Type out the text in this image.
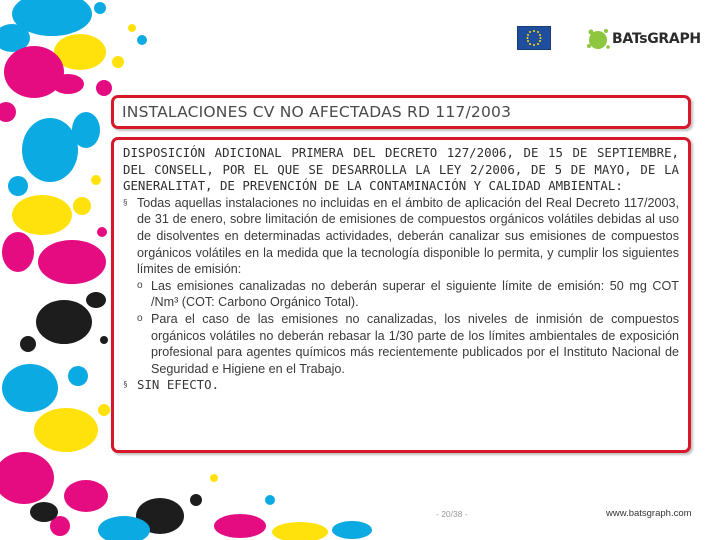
BATsGRAPH
INSTALACIONES CV NO AFECTADAS RD 117/2003

DISPOSICIÓN ADICIONAL PRIMERA DEL DECRETO 127/2006, DE 15 DE SEPTIEMBRE, DEL CONSELL, POR EL QUE SE DESARROLLA LA LEY 2/2006, DE 5 DE MAYO, DE LA GENERALITAT, DE PREVENCIÓN DE LA CONTAMINACIÓN Y CALIDAD AMBIENTAL:

§ Todas aquellas instalaciones no incluidas en el ámbito de aplicación del Real Decreto 117/2003, de 31 de enero, sobre limitación de emisiones de compuestos orgánicos volátiles debidas al uso de disolventes en determinadas actividades, deberán canalizar sus emisiones de compuestos orgánicos volátiles en la medida que la tecnología disponible lo permita, y cumplir los siguientes límites de emisión:

o Las emisiones canalizadas no deberán superar el siguiente límite de emisión: 50 mg COT /Nm³ (COT: Carbono Orgánico Total).

o Para el caso de las emisiones no canalizadas, los niveles de inmisión de compuestos orgánicos volátiles no deberán rebasar la 1/30 parte de los límites ambientales de exposición profesional para agentes químicos más recientemente publicados por el Instituto Nacional de Seguridad e Higiene en el Trabajo.

§ SIN EFECTO.

- 20/38 -	www.batsgraph.com
